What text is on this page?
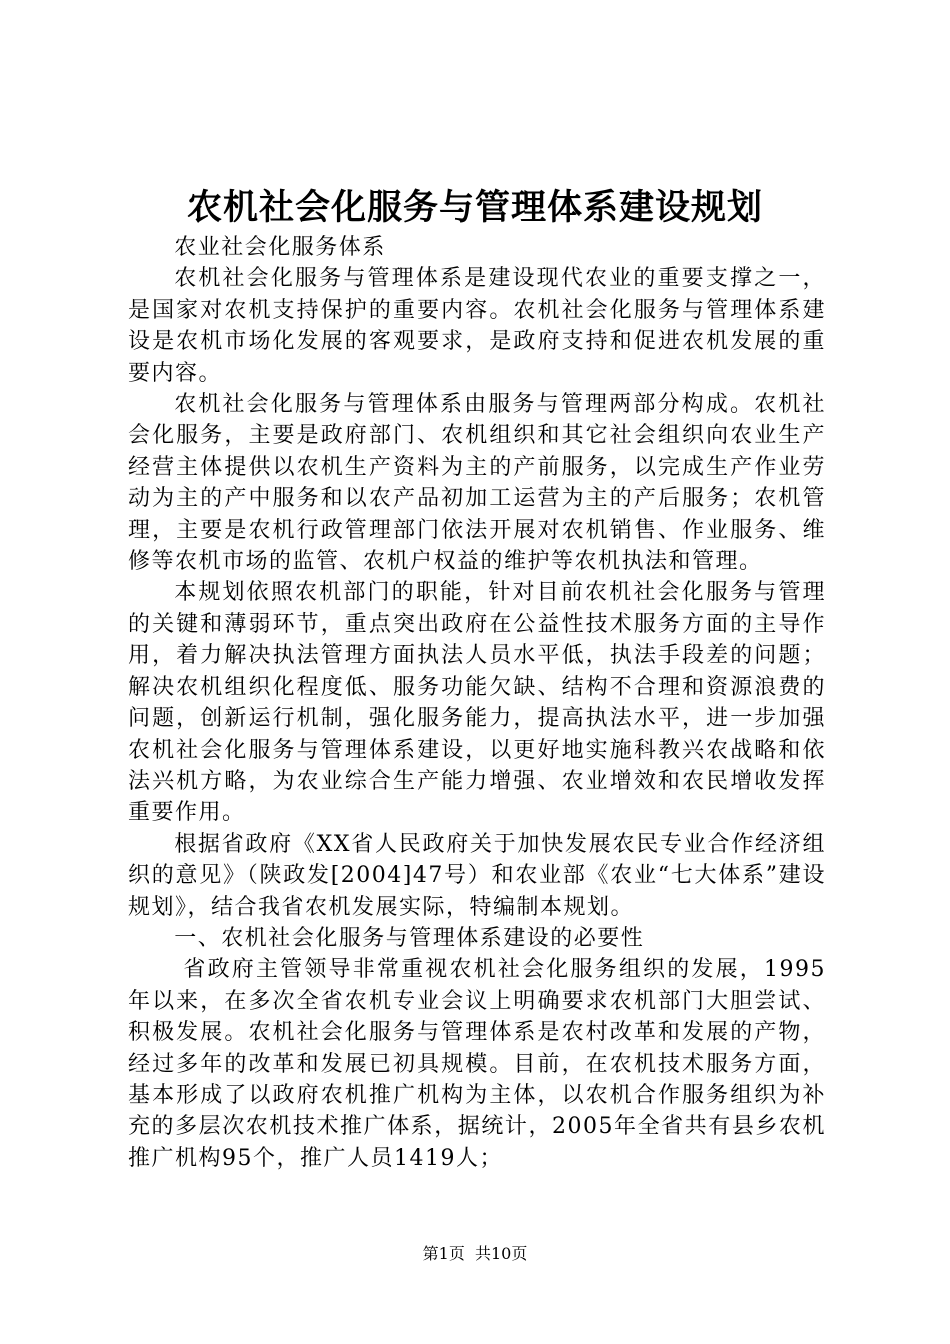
农机社会化服务与管理体系建设规划

农业社会化服务体系

农机社会化服务与管理体系是建设现代农业的重要支撑之一，是国家对农机支持保护的重要内容。农机社会化服务与管理体系建设是农机市场化发展的客观要求，是政府支持和促进农机发展的重要内容。

农机社会化服务与管理体系由服务与管理两部分构成。农机社会化服务，主要是政府部门、农机组织和其它社会组织向农业生产经营主体提供以农机生产资料为主的产前服务，以完成生产作业劳动为主的产中服务和以农产品初加工运营为主的产后服务；农机管理，主要是农机行政管理部门依法开展对农机销售、作业服务、维修等农机市场的监管、农机户权益的维护等农机执法和管理。

本规划依照农机部门的职能，针对目前农机社会化服务与管理的关键和薄弱环节，重点突出政府在公益性技术服务方面的主导作用，着力解决执法管理方面执法人员水平低，执法手段差的问题；解决农机组织化程度低、服务功能欠缺、结构不合理和资源浪费的问题，创新运行机制，强化服务能力，提高执法水平，进一步加强农机社会化服务与管理体系建设，以更好地实施科教兴农战略和依法兴机方略，为农业综合生产能力增强、农业增效和农民增收发挥重要作用。

根据省政府《XX省人民政府关于加快发展农民专业合作经济组织的意见》（陕政发[2004]47号）和农业部《农业“七大体系”建设规划》，结合我省农机发展实际，特编制本规划。

一、农机社会化服务与管理体系建设的必要性

省政府主管领导非常重视农机社会化服务组织的发展，1995年以来，在多次全省农机专业会议上明确要求农机部门大胆尝试、积极发展。农机社会化服务与管理体系是农村改革和发展的产物，经过多年的改革和发展已初具规模。目前，在农机技术服务方面，基本形成了以政府农机推广机构为主体，以农机合作服务组织为补充的多层次农机技术推广体系，据统计，2005年全省共有县乡农机推广机构95个，推广人员1419人；

第1页  共10页
